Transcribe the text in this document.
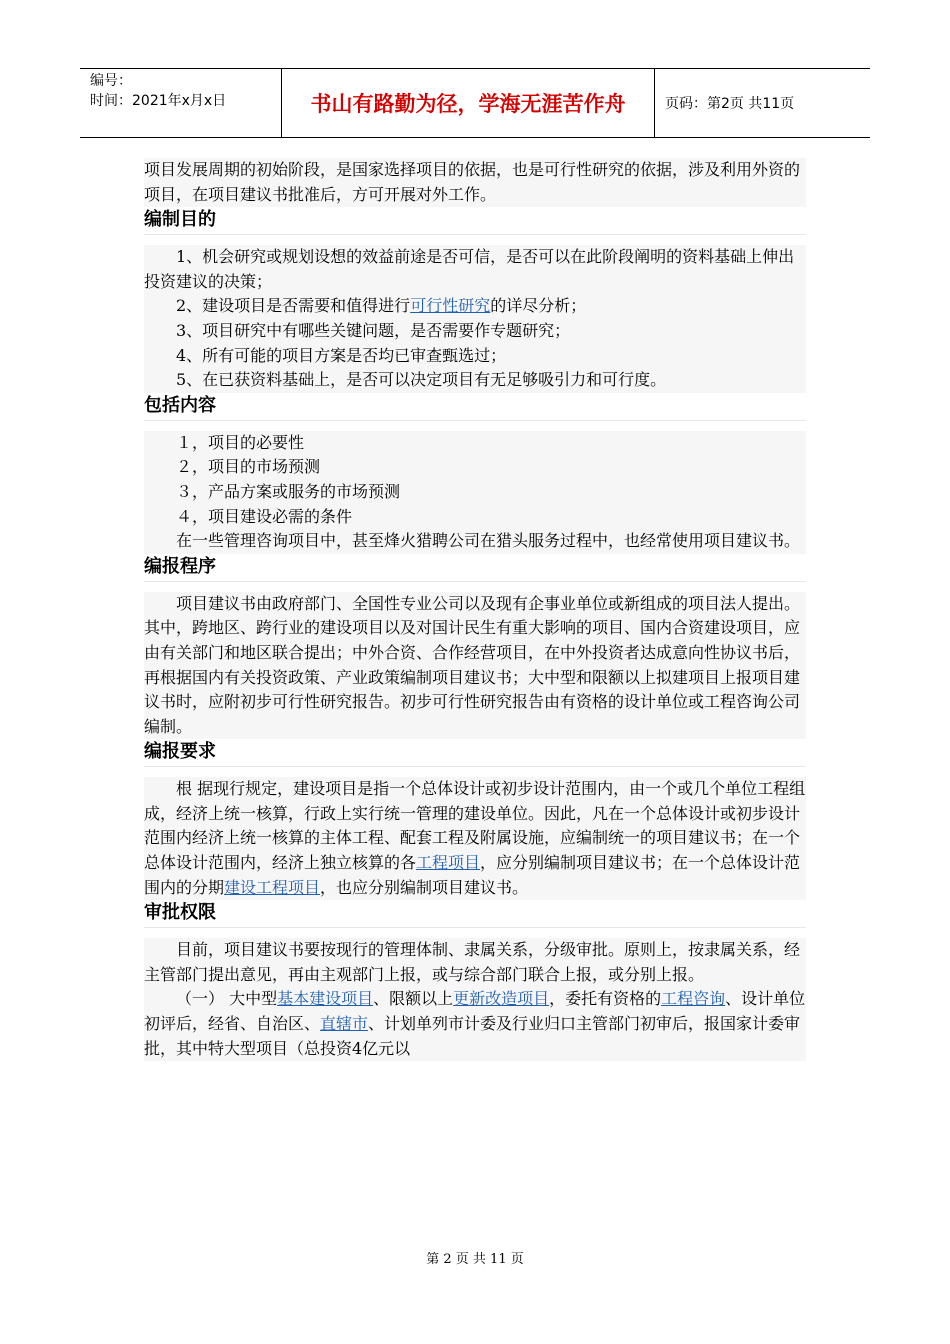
编号：
时间：2021年x月x日	书山有路勤为径，学海无涯苦作舟	页码：第2页 共11页

项目发展周期的初始阶段，是国家选择项目的依据，也是可行性研究的依据，涉及利用外资的项目，在项目建议书批准后，方可开展对外工作。

编制目的

1、机会研究或规划设想的效益前途是否可信，是否可以在此阶段阐明的资料基础上伸出投资建议的决策；

2、建设项目是否需要和值得进行可行性研究的详尽分析；

3、项目研究中有哪些关键问题，是否需要作专题研究；

4、所有可能的项目方案是否均已审查甄选过；

5、在已获资料基础上，是否可以决定项目有无足够吸引力和可行度。

包括内容

１，项目的必要性

２，项目的市场预测

３，产品方案或服务的市场预测

４，项目建设必需的条件

在一些管理咨询项目中，甚至烽火猎聘公司在猎头服务过程中，也经常使用项目建议书。

编报程序

项目建议书由政府部门、全国性专业公司以及现有企事业单位或新组成的项目法人提出。其中，跨地区、跨行业的建设项目以及对国计民生有重大影响的项目、国内合资建设项目，应由有关部门和地区联合提出；中外合资、合作经营项目，在中外投资者达成意向性协议书后，再根据国内有关投资政策、产业政策编制项目建议书；大中型和限额以上拟建项目上报项目建议书时，应附初步可行性研究报告。初步可行性研究报告由有资格的设计单位或工程咨询公司编制。

编报要求

根 据现行规定，建设项目是指一个总体设计或初步设计范围内，由一个或几个单位工程组成，经济上统一核算，行政上实行统一管理的建设单位。因此，凡在一个总体设计或初步设计范围内经济上统一核算的主体工程、配套工程及附属设施，应编制统一的项目建议书；在一个总体设计范围内，经济上独立核算的各工程项目，应分别编制项目建议书；在一个总体设计范围内的分期建设工程项目，也应分别编制项目建议书。

审批权限

目前，项目建议书要按现行的管理体制、隶属关系，分级审批。原则上，按隶属关系，经主管部门提出意见，再由主观部门上报，或与综合部门联合上报，或分别上报。

（一） 大中型基本建设项目、限额以上更新改造项目，委托有资格的工程咨询、设计单位初评后，经省、自治区、直辖市、计划单列市计委及行业归口主管部门初审后，报国家计委审批，其中特大型项目（总投资4亿元以

第 2 页 共 11 页
